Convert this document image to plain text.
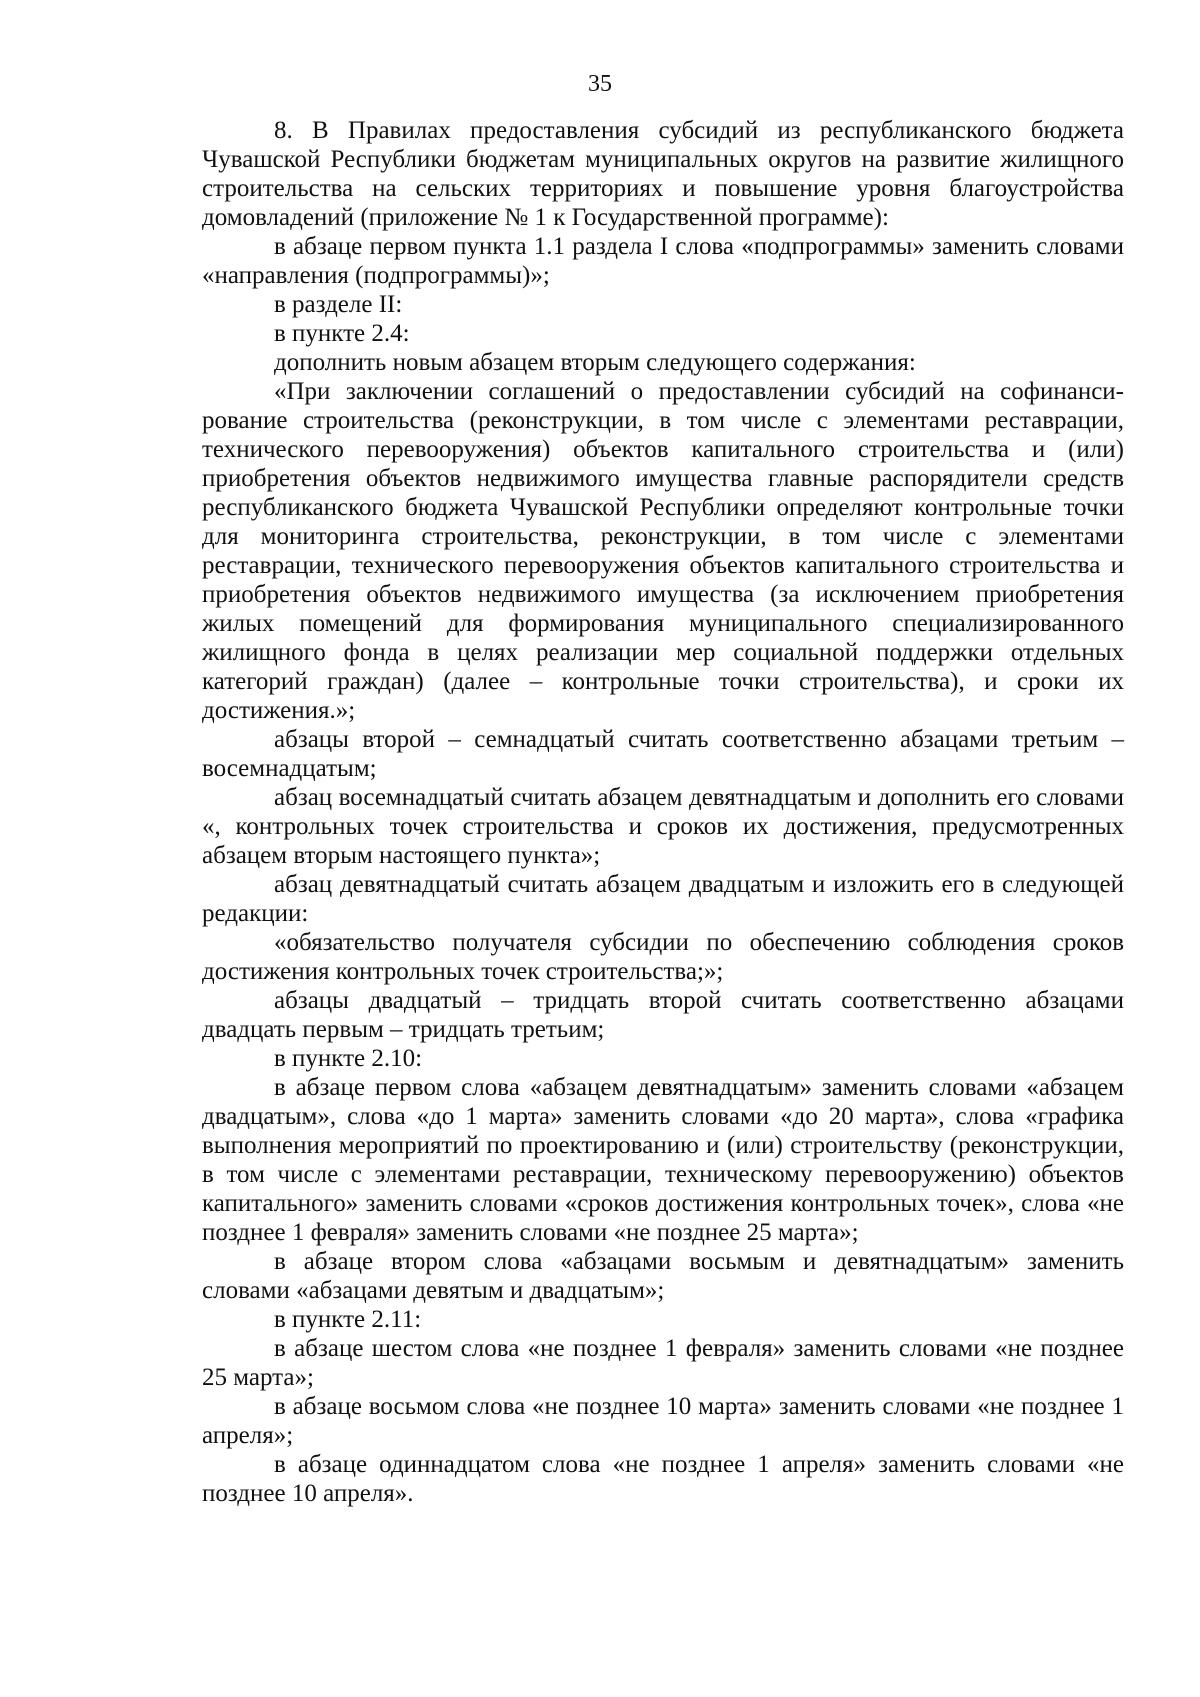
35

8. В Правилах предоставления субсидий из республиканского бюджета Чувашской Республики бюджетам муниципальных округов на развитие жилищного строительства на сельских территориях и повышение уровня благоустройства домовладений (приложение № 1 к Государственной программе):

в абзаце первом пункта 1.1 раздела I слова «подпрограммы» заменить словами «направления (подпрограммы)»;

в разделе II:

в пункте 2.4:

дополнить новым абзацем вторым следующего содержания:

«При заключении соглашений о предоставлении субсидий на софинансирование строительства (реконструкции, в том числе с элементами реставрации, технического перевооружения) объектов капитального строительства и (или) приобретения объектов недвижимого имущества главные распорядители средств республиканского бюджета Чувашской Республики определяют контрольные точки для мониторинга строительства, реконструкции, в том числе с элементами реставрации, технического перевооружения объектов капитального строительства и приобретения объектов недвижимого имущества (за исключением приобретения жилых помещений для формирования муниципального специализированного жилищного фонда в целях реализации мер социальной поддержки отдельных категорий граждан) (далее – контрольные точки строительства), и сроки их достижения.»;

абзацы второй – семнадцатый считать соответственно абзацами третьим – восемнадцатым;

абзац восемнадцатый считать абзацем девятнадцатым и дополнить его словами «, контрольных точек строительства и сроков их достижения, предусмотренных абзацем вторым настоящего пункта»;

абзац девятнадцатый считать абзацем двадцатым и изложить его в следующей редакции:

«обязательство получателя субсидии по обеспечению соблюдения сроков достижения контрольных точек строительства;»;

абзацы двадцатый – тридцать второй считать соответственно абзацами двадцать первым – тридцать третьим;

в пункте 2.10:

в абзаце первом слова «абзацем девятнадцатым» заменить словами «абзацем двадцатым», слова «до 1 марта» заменить словами «до 20 марта», слова «графика выполнения мероприятий по проектированию и (или) строительству (реконструкции, в том числе с элементами реставрации, техническому перевооружению) объектов капитального» заменить словами «сроков достижения контрольных точек», слова «не позднее 1 февраля» заменить словами «не позднее 25 марта»;

в абзаце втором слова «абзацами восьмым и девятнадцатым» заменить словами «абзацами девятым и двадцатым»;

в пункте 2.11:

в абзаце шестом слова «не позднее 1 февраля» заменить словами «не позднее 25 марта»;

в абзаце восьмом слова «не позднее 10 марта» заменить словами «не позднее 1 апреля»;

в абзаце одиннадцатом слова «не позднее 1 апреля» заменить словами «не позднее 10 апреля».
